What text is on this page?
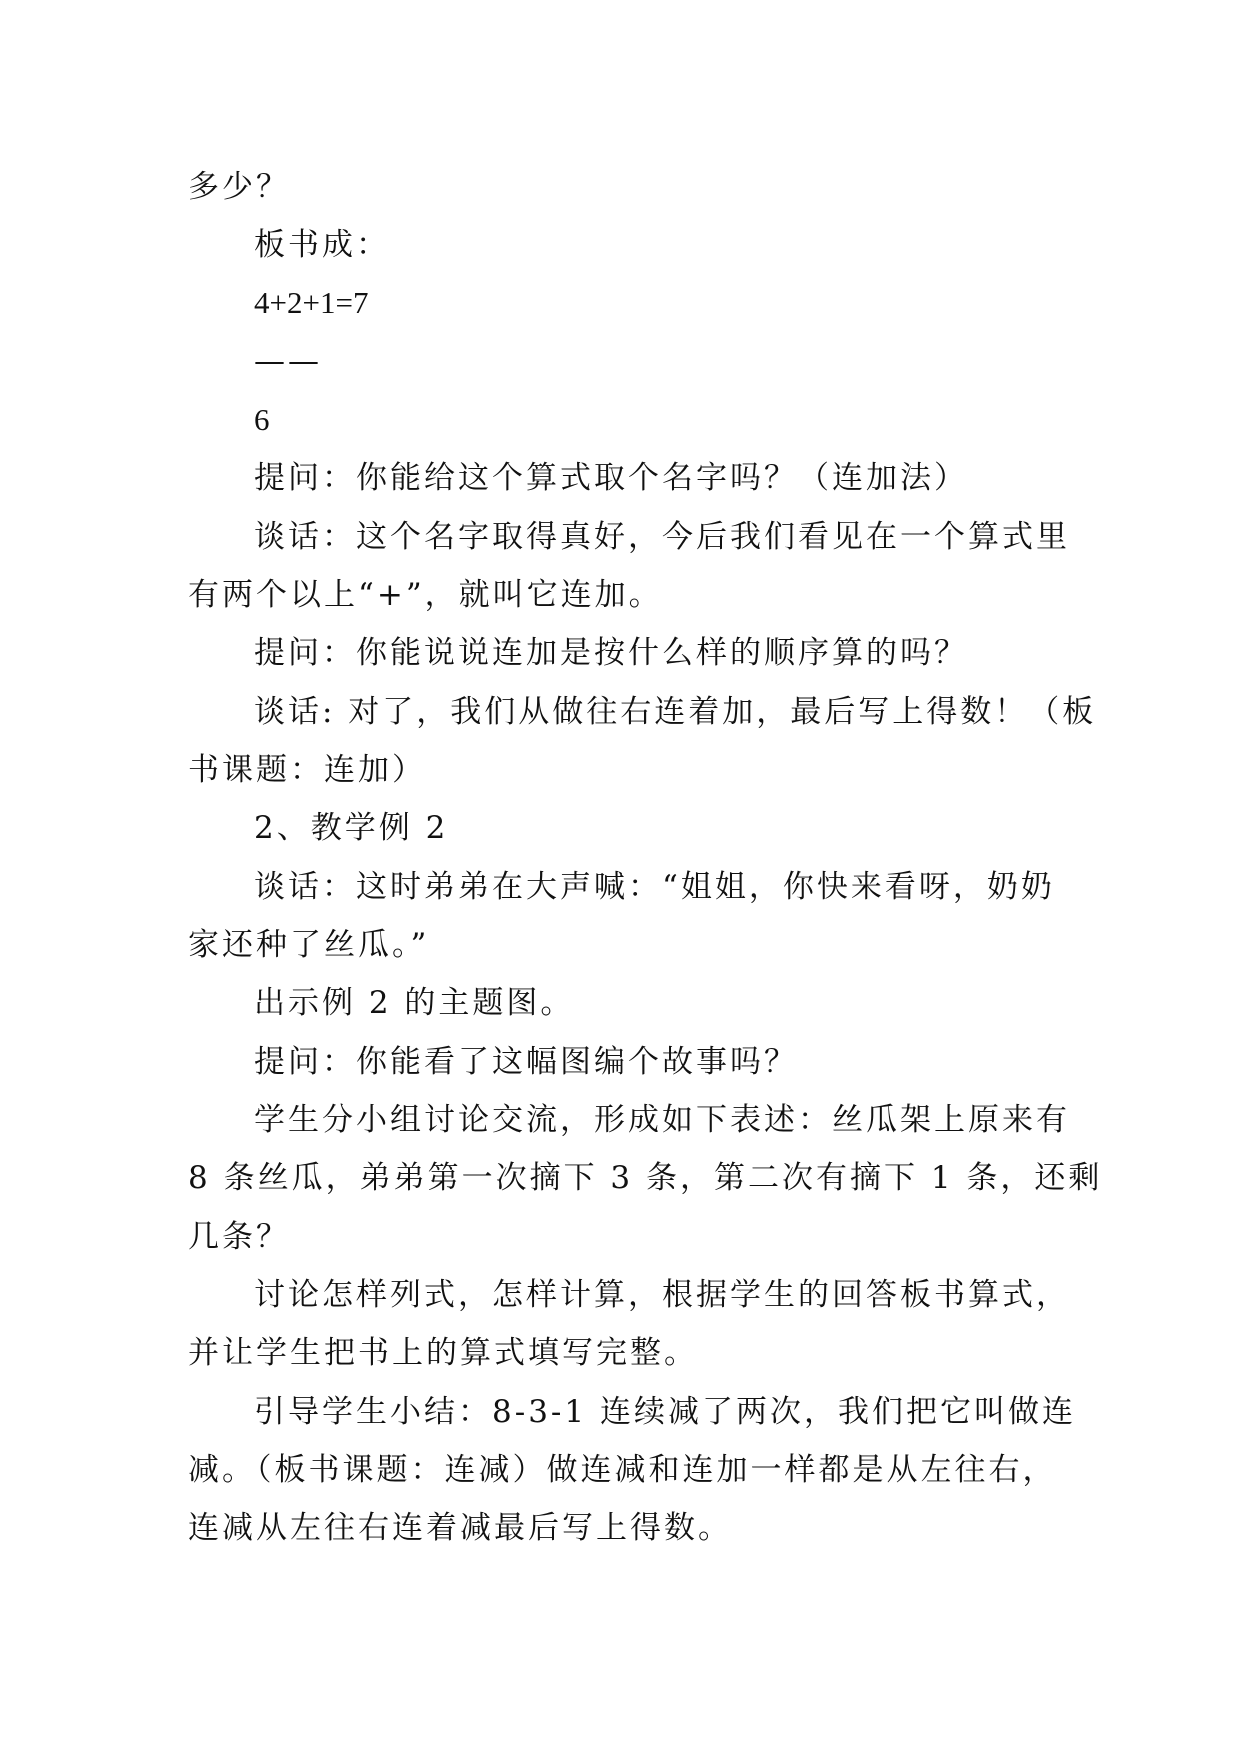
多少？
板书成：
4+2+1=7
——
6
提问：你能给这个算式取个名字吗？（连加法）
谈话：这个名字取得真好，今后我们看见在一个算式里
有两个以上“+”，就叫它连加。
提问：你能说说连加是按什么样的顺序算的吗？
谈话: 对了，我们从做往右连着加，最后写上得数！（板
书课题：连加）
2、教学例 2
谈话：这时弟弟在大声喊：“姐姐，你快来看呀，奶奶
家还种了丝瓜。”
出示例 2 的主题图。
提问：你能看了这幅图编个故事吗？
学生分小组讨论交流，形成如下表述：丝瓜架上原来有
8 条丝瓜，弟弟第一次摘下 3 条，第二次有摘下 1 条，还剩
几条？
讨论怎样列式，怎样计算，根据学生的回答板书算式，
并让学生把书上的算式填写完整。
引导学生小结：8-3-1 连续减了两次，我们把它叫做连
减。（板书课题：连减）做连减和连加一样都是从左往右，
连减从左往右连着减最后写上得数。
